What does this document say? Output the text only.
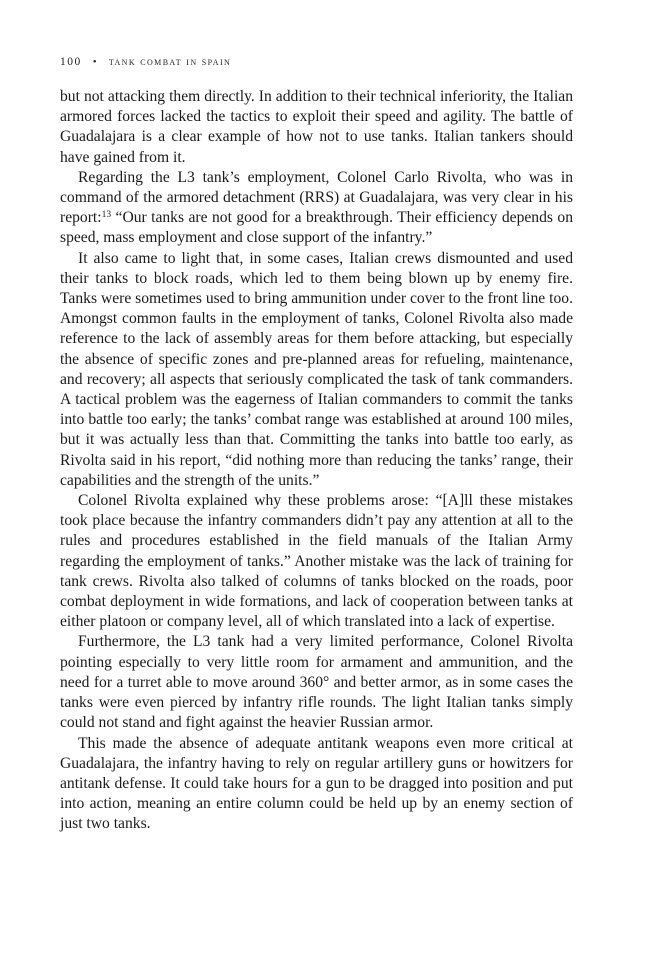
100 • tank combat in spain

but not attacking them directly. In addition to their technical inferiority, the Italian armored forces lacked the tactics to exploit their speed and agility. The battle of Guadalajara is a clear example of how not to use tanks. Italian tankers should have gained from it.

Regarding the L3 tank’s employment, Colonel Carlo Rivolta, who was in command of the armored detachment (RRS) at Guadalajara, was very clear in his report:$^{13}$ “Our tanks are not good for a breakthrough. Their efficiency depends on speed, mass employment and close support of the infantry.”

It also came to light that, in some cases, Italian crews dismounted and used their tanks to block roads, which led to them being blown up by enemy fire. Tanks were sometimes used to bring ammunition under cover to the front line too. Amongst common faults in the employment of tanks, Colonel Rivolta also made reference to the lack of assembly areas for them before attacking, but especially the absence of specific zones and pre-planned areas for refueling, maintenance, and recovery; all aspects that seriously complicated the task of tank commanders. A tactical problem was the eagerness of Italian commanders to commit the tanks into battle too early; the tanks’ combat range was established at around 100 miles, but it was actually less than that. Committing the tanks into battle too early, as Rivolta said in his report, “did nothing more than reducing the tanks’ range, their capabilities and the strength of the units.”

Colonel Rivolta explained why these problems arose: “[A]ll these mistakes took place because the infantry commanders didn’t pay any attention at all to the rules and procedures established in the field manuals of the Italian Army regarding the employment of tanks.” Another mistake was the lack of training for tank crews. Rivolta also talked of columns of tanks blocked on the roads, poor combat deployment in wide formations, and lack of cooperation between tanks at either platoon or company level, all of which translated into a lack of expertise.

Furthermore, the L3 tank had a very limited performance, Colonel Rivolta pointing especially to very little room for armament and ammunition, and the need for a turret able to move around 360° and better armor, as in some cases the tanks were even pierced by infantry rifle rounds. The light Italian tanks simply could not stand and fight against the heavier Russian armor.

This made the absence of adequate antitank weapons even more critical at Guadalajara, the infantry having to rely on regular artillery guns or howitzers for antitank defense. It could take hours for a gun to be dragged into position and put into action, meaning an entire column could be held up by an enemy section of just two tanks.
